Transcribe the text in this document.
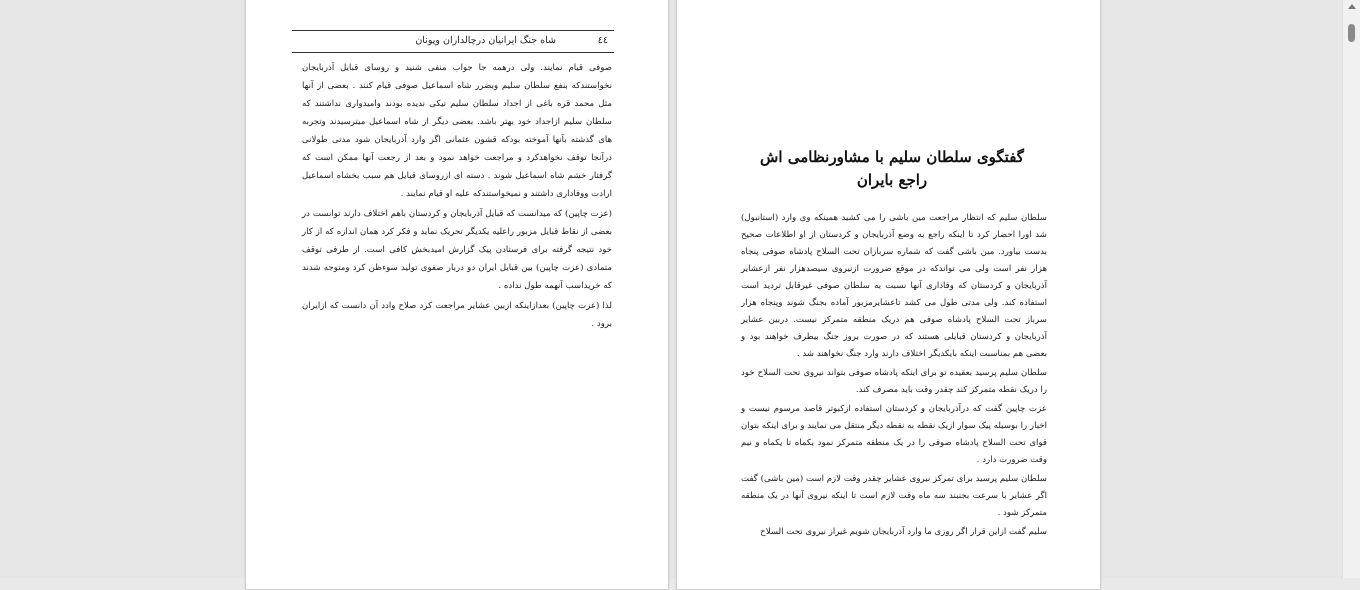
٤٤
شاه جنگ ایرانیان درچالداران وپونان

صوفی قیام نمایند. ولی درهمه جا جواب منفی شنید و روسای قبایل آذربایجان نخواستندکه بنفع سلطان سلیم وبضرر شاه اسماعیل صوفی قیام کنند . بعضی از آنها مثل محمد قره باغی از اجداد سلطان سلیم نیکی ندیده بودند وامیدواری نداشتند که سلطان سلیم ازاجداد خود بهتر باشد. بعضی دیگر از شاه اسماعیل میترسیدند وتجربه های گذشته بآنها آموخته بودکه قشون عثمانی اگر وارد آذربایجان شود مدتی طولانی درآنجا توقف نخواهدکرد و مراجعت خواهد نمود و بعد از رجعت آنها ممکن است که گرفتار خشم شاه اسماعیل شوند . دسته ای ازروسای قبایل هم سبب بخشاه اسماعیل ارادت ووفاداری داشتند و نمیخواستندکه علیه او قیام نمایند .

(عزت چاپین) که میدانست که قبایل آذربایجان و کردستان باهم اختلاف دارند توانست در بعضی از نقاط قبایل مزبور راعلیه یکدیگر تحریک نماید و فکر کرد همان اندازه که از کار خود نتیجه گرفته برای فرستادن پیک گزارش امیدبخش کافی است. از طرفی توقف متمادی (عزت چاپین) بین قبایل ایران دو دربار صفوی تولید سوءظن کرد ومتوجه شدند که خریداسب آنهمه طول نداده .

لذا (عزت چاپین) بعدازاینکه ازبین عشایر مراجعت کرد صلاح وادد آن دانست که ازایران برود .

گفتگوی سلطان سلیم با مشاورنظامی اش راجع بایران

سلطان سلیم که انتظار مراجعت مین باشی را می کشید همینکه وی وارد (استانبول) شد اورا احضار کرد تا اینکه راجع به وضع آذربایجان و کردستان از او اطلاعات صحیح بدست بیاورد. مین باشی گفت که شماره سربازان تحت السلاح پادشاه صوفی پنجاه هزار نفر است ولی می تواندکه در موقع ضرورت ازنیروی سیصدهزار نفر ازعشایر آذربایجان و کردستان که وفاداری آنها نسبت به سلطان صوفی غیرقابل تردید است استفاده کند. ولی مدتی طول می کشد تاعشایرمزبور آماده بجنگ شوند وپنجاه هزار سرباز تحت السلاح پادشاه صوفی هم دریک منطقه متمرکز نیست. دربین عشایر آذربایجان و کردستان قبایلی هستند که در صورت بروز جنگ بیطرف خواهند بود و بعضی هم بمناسبت اینکه بایکدیگر اختلاف دارند وارد جنگ نخواهند شد .

سلطان سلیم پرسید بعقیده تو برای اینکه پادشاه صوفی بتواند نیروی تحت السلاح خود را دریک نقطه متمرکز کند چقدر وقت باید مصرف کند.

عزت چاپین گفت که درآذربایجان و کردستان استفاده ازکبوتر قاصد مرسوم نیست و اخبار را بوسیله پیک سوار ازیک نقطه به نقطه دیگر منتقل می نمایند و برای اینکه بتوان قوای تحت السلاح پادشاه صوفی را در یک منطقه متمرکز نمود یکماه تا یکماه و نیم وقت ضرورت دارد .

سلطان سلیم پرسید برای تمرکز نیروی عشایر چقدر وقت لازم است (مین باشی) گفت اگر عشایر با سرعت بجنبند سه ماه وقت لازم است تا اینکه نیروی آنها در یک منطقه متمرکز شود .

سلیم گفت ازاین قرار اگر روزی ما وارد آذربایجان شویم غیراز نیروی تحت السلاح
